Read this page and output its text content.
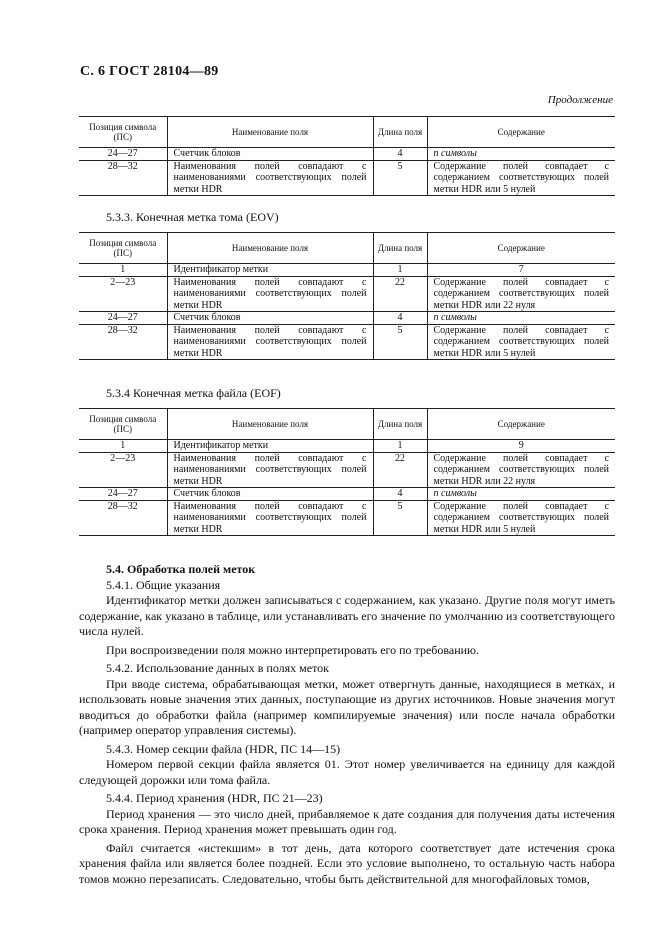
С. 6 ГОСТ 28104—89
Продолжение
Позиция символа (ПС)	Наименование поля	Длина поля	Содержание
24—27	Счетчик блоков	4	n символы
28—32	Наименования полей совпадают с наименованиями соответствующих полей метки HDR	5	Содержание полей совпадает с содержанием соответствующих полей метки HDR или 5 нулей
5.3.3. Конечная метка тома (EOV)
Позиция символа (ПС)	Наименование поля	Длина поля	Содержание
1	Идентификатор метки	1	7
2—23	Наименования полей совпадают с наименованиями соответствующих полей метки HDR	22	Содержание полей совпадает с содержанием соответствующих полей метки HDR или 22 нуля
24—27	Счетчик блоков	4	n символы
28—32	Наименования полей совпадают с наименованиями соответствующих полей метки HDR	5	Содержание полей совпадает с содержанием соответствующих полей метки HDR или 5 нулей
5.3.4 Конечная метка файла (EOF)
Позиция символа (ПС)	Наименование поля	Длина поля	Содержание
1	Идентификатор метки	1	9
2—23	Наименования полей совпадают с наименованиями соответствующих полей метки HDR	22	Содержание полей совпадает с содержанием соответствующих полей метки HDR или 22 нуля
24—27	Счетчик блоков	4	n символы
28—32	Наименования полей совпадают с наименованиями соответствующих полей метки HDR	5	Содержание полей совпадает с содержанием соответствующих полей метки HDR или 5 нулей

5.4. Обработка полей меток

5.4.1. Общие указания

Идентификатор метки должен записываться с содержанием, как указано. Другие поля могут иметь содержание, как указано в таблице, или устанавливать его значение по умолчанию из соответствующего числа нулей.

При воспроизведении поля можно интерпретировать его по требованию.

5.4.2. Использование данных в полях меток

При вводе система, обрабатывающая метки, может отвергнуть данные, находящиеся в метках, и использовать новые значения этих данных, поступающие из других источников. Новые значения могут вводиться до обработки файла (например компилируемые значения) или после начала обработки (например оператор управления системы).

5.4.3. Номер секции файла (HDR, ПС 14—15)

Номером первой секции файла является 01. Этот номер увеличивается на единицу для каждой следующей дорожки или тома файла.

5.4.4. Период хранения (HDR, ПС 21—23)

Период хранения — это число дней, прибавляемое к дате создания для получения даты истечения срока хранения. Период хранения может превышать один год.

Файл считается «истекшим» в тот день, дата которого соответствует дате истечения срока хранения файла или является более поздней. Если это условие выполнено, то остальную часть набора томов можно перезаписать. Следовательно, чтобы быть действительной для многофайловых томов,
